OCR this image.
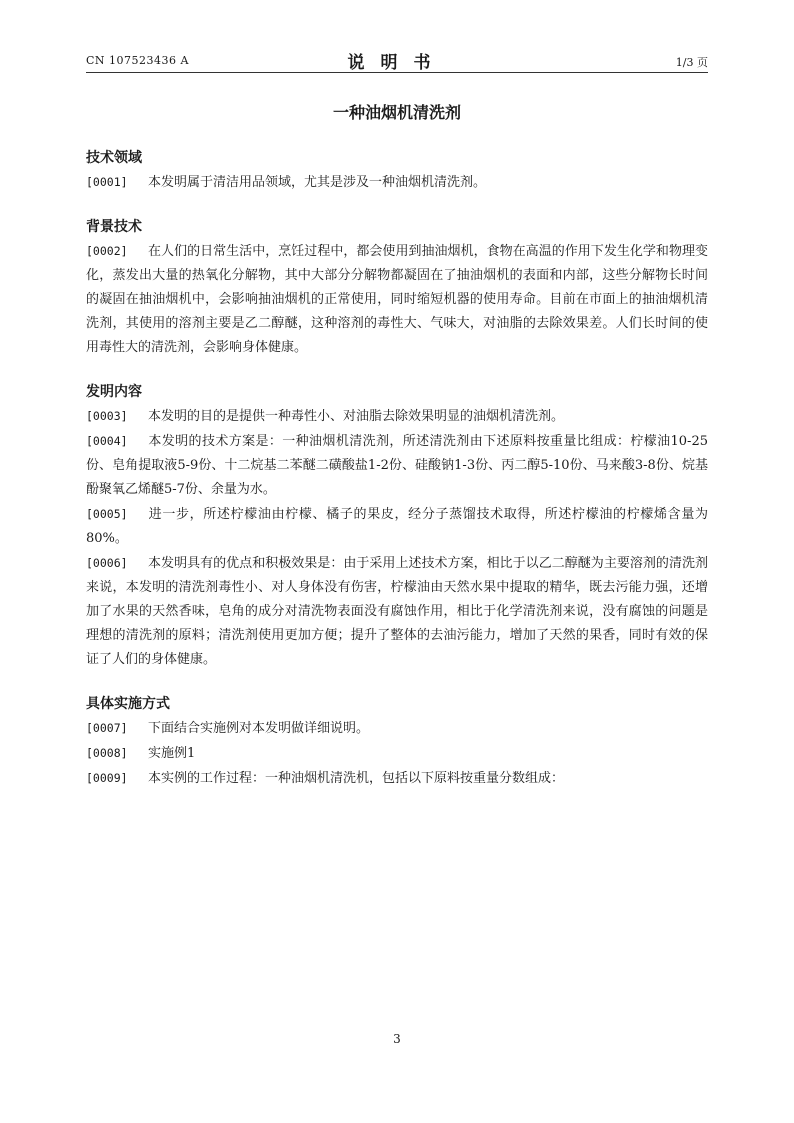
CN 107523436 A	说明书	1/3 页
一种油烟机清洗剂
技术领域
[0001] 本发明属于清洁用品领域，尤其是涉及一种油烟机清洗剂。
背景技术
[0002] 在人们的日常生活中，烹饪过程中，都会使用到抽油烟机，食物在高温的作用下发生化学和物理变化，蒸发出大量的热氧化分解物，其中大部分分解物都凝固在了抽油烟机的表面和内部，这些分解物长时间的凝固在抽油烟机中，会影响抽油烟机的正常使用，同时缩短机器的使用寿命。目前在市面上的抽油烟机清洗剂，其使用的溶剂主要是乙二醇醚，这种溶剂的毒性大、气味大，对油脂的去除效果差。人们长时间的使用毒性大的清洗剂，会影响身体健康。
发明内容
[0003] 本发明的目的是提供一种毒性小、对油脂去除效果明显的油烟机清洗剂。
[0004] 本发明的技术方案是：一种油烟机清洗剂，所述清洗剂由下述原料按重量比组成：柠檬油10-25份、皂角提取液5-9份、十二烷基二苯醚二磺酸盐1-2份、硅酸钠1-3份、丙二醇5-10份、马来酸3-8份、烷基酚聚氧乙烯醚5-7份、余量为水。
[0005] 进一步，所述柠檬油由柠檬、橘子的果皮，经分子蒸馏技术取得，所述柠檬油的柠檬烯含量为80%。
[0006] 本发明具有的优点和积极效果是：由于采用上述技术方案，相比于以乙二醇醚为主要溶剂的清洗剂来说，本发明的清洗剂毒性小、对人身体没有伤害，柠檬油由天然水果中提取的精华，既去污能力强，还增加了水果的天然香味，皂角的成分对清洗物表面没有腐蚀作用，相比于化学清洗剂来说，没有腐蚀的问题是理想的清洗剂的原料；清洗剂使用更加方便；提升了整体的去油污能力，增加了天然的果香，同时有效的保证了人们的身体健康。
具体实施方式
[0007] 下面结合实施例对本发明做详细说明。
[0008] 实施例1
[0009] 本实例的工作过程：一种油烟机清洗机，包括以下原料按重量分数组成：
3
